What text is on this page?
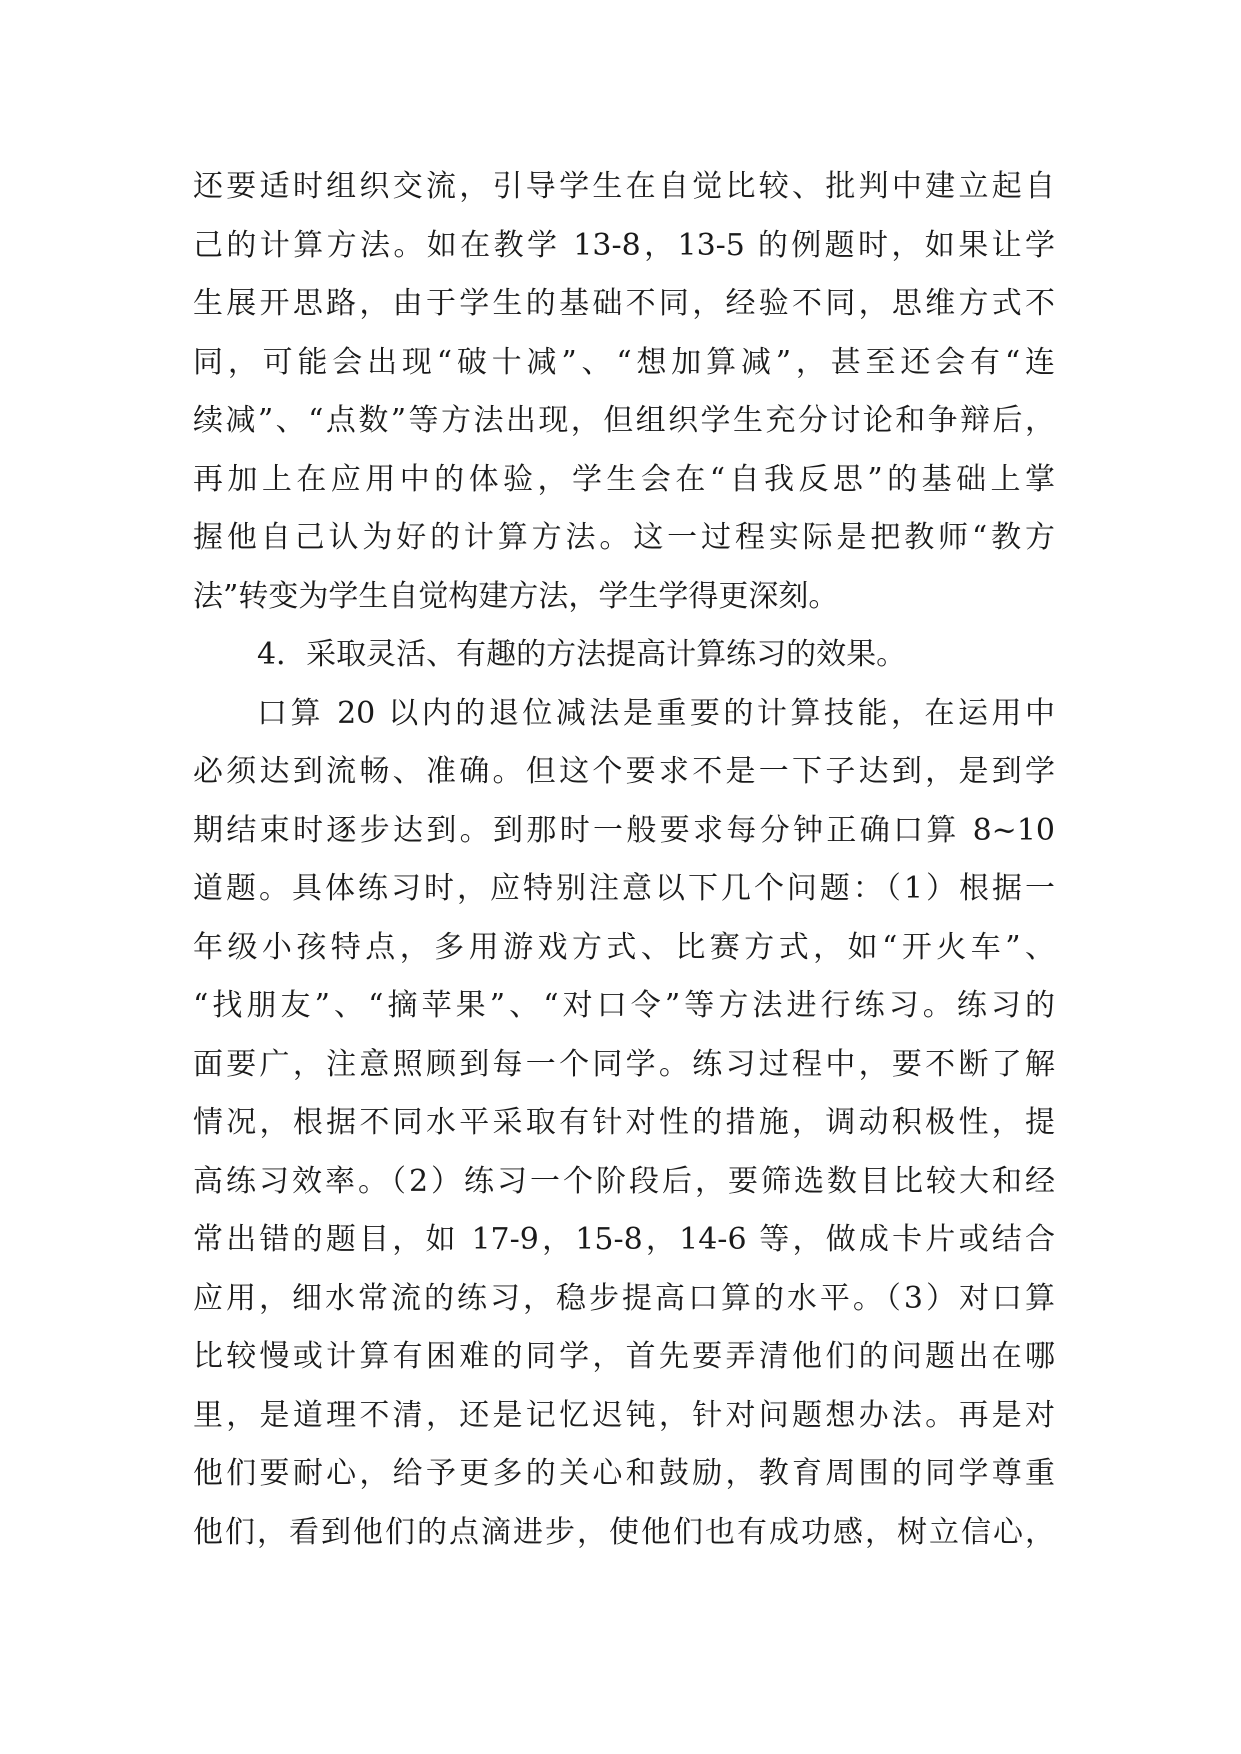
还要适时组织交流，引导学生在自觉比较、批判中建立起自
己的计算方法。如在教学 13-8，13-5 的例题时，如果让学
生展开思路，由于学生的基础不同，经验不同，思维方式不
同，可能会出现“破十减”、“想加算减”，甚至还会有“连
续减”、“点数”等方法出现，但组织学生充分讨论和争辩后，
再加上在应用中的体验，学生会在“自我反思”的基础上掌
握他自己认为好的计算方法。这一过程实际是把教师“教方
法”转变为学生自觉构建方法，学生学得更深刻。
4．采取灵活、有趣的方法提高计算练习的效果。
口算 20 以内的退位减法是重要的计算技能，在运用中
必须达到流畅、准确。但这个要求不是一下子达到，是到学
期结束时逐步达到。到那时一般要求每分钟正确口算 8~10
道题。具体练习时，应特别注意以下几个问题：（1）根据一
年级小孩特点，多用游戏方式、比赛方式，如“开火车”、
“找朋友”、“摘苹果”、“对口令”等方法进行练习。练习的
面要广，注意照顾到每一个同学。练习过程中，要不断了解
情况，根据不同水平采取有针对性的措施，调动积极性，提
高练习效率。（2）练习一个阶段后，要筛选数目比较大和经
常出错的题目，如 17-9，15-8，14-6 等，做成卡片或结合
应用，细水常流的练习，稳步提高口算的水平。（3）对口算
比较慢或计算有困难的同学，首先要弄清他们的问题出在哪
里，是道理不清，还是记忆迟钝，针对问题想办法。再是对
他们要耐心，给予更多的关心和鼓励，教育周围的同学尊重
他们，看到他们的点滴进步，使他们也有成功感，树立信心，
